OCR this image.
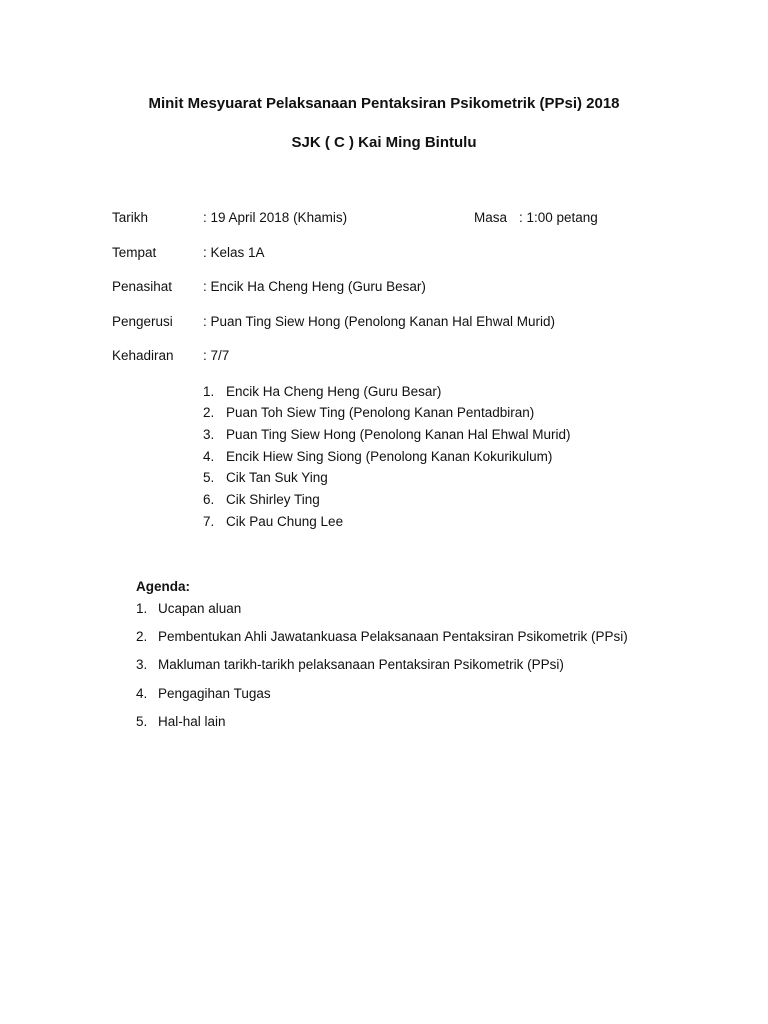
Minit Mesyuarat Pelaksanaan Pentaksiran Psikometrik (PPsi) 2018
SJK ( C ) Kai Ming Bintulu
Tarikh	: 19 April 2018 (Khamis)	Masa : 1:00 petang
Tempat	: Kelas 1A
Penasihat : Encik Ha Cheng Heng (Guru Besar)
Pengerusi : Puan Ting Siew Hong (Penolong Kanan Hal Ehwal Murid)
Kehadiran : 7/7
1. Encik Ha Cheng Heng (Guru Besar)
2. Puan Toh Siew Ting (Penolong Kanan Pentadbiran)
3. Puan Ting Siew Hong (Penolong Kanan Hal Ehwal Murid)
4. Encik Hiew Sing Siong (Penolong Kanan Kokurikulum)
5. Cik Tan Suk Ying
6. Cik Shirley Ting
7. Cik Pau Chung Lee
Agenda:
1. Ucapan aluan
2. Pembentukan Ahli Jawatankuasa Pelaksanaan Pentaksiran Psikometrik (PPsi)
3. Makluman tarikh-tarikh pelaksanaan Pentaksiran Psikometrik (PPsi)
4. Pengagihan Tugas
5. Hal-hal lain
